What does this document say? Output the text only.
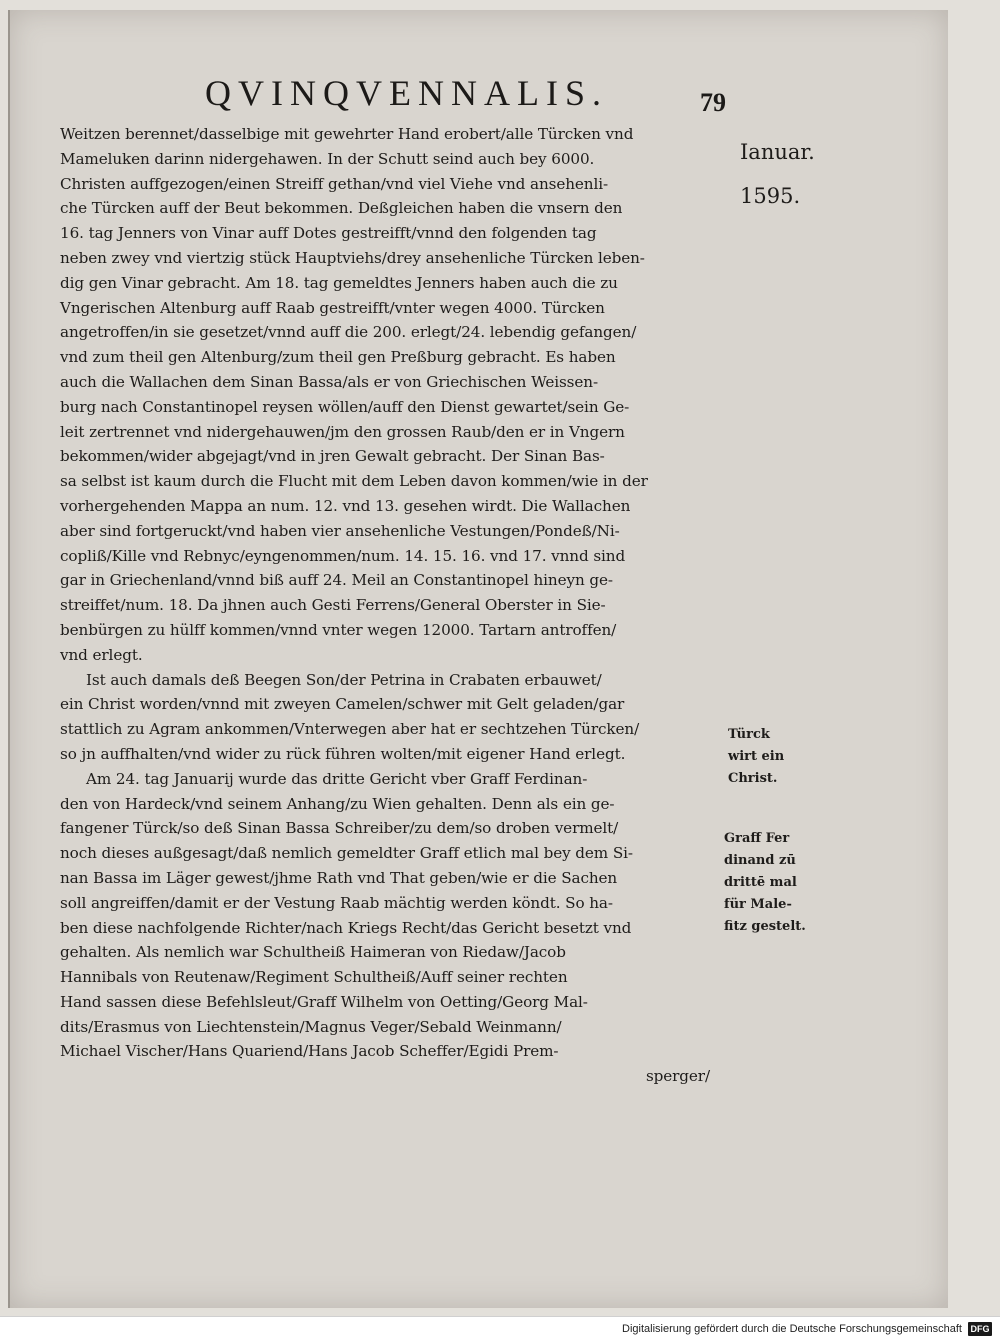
QVINQVENNALIS.	79
Weitzen berennet/dasselbige mit gewehrter Hand erobert/alle Türcken vnd
Mameluken darinn nidergehawen. In der Schutt seind auch bey 6000.
Christen auffgezogen/einen Streiff gethan/vnd viel Viehe vnd ansehenli-
che Türcken auff der Beut bekommen. Deßgleichen haben die vnsern den
16. tag Jenners von Vinar auff Dotes gestreifft/vnnd den folgenden tag
neben zwey vnd viertzig stück Hauptviehs/drey ansehenliche Türcken leben-
dig gen Vinar gebracht. Am 18. tag gemeldtes Jenners haben auch die zu
Vngerischen Altenburg auff Raab gestreifft/vnter wegen 4000. Türcken
angetroffen/in sie gesetzet/vnnd auff die 200. erlegt/24. lebendig gefangen/
vnd zum theil gen Altenburg/zum theil gen Preßburg gebracht. Es haben
auch die Wallachen dem Sinan Bassa/als er von Griechischen Weissen-
burg nach Constantinopel reysen wöllen/auff den Dienst gewartet/sein Ge-
leit zertrennet vnd nidergehauwen/jm den grossen Raub/den er in Vngern
bekommen/wider abgejagt/vnd in jren Gewalt gebracht. Der Sinan Bas-
sa selbst ist kaum durch die Flucht mit dem Leben davon kommen/wie in der
vorhergehenden Mappa an num. 12. vnd 13. gesehen wirdt. Die Wallachen
aber sind fortgeruckt/vnd haben vier ansehenliche Vestungen/Pondeß/Ni-
copliß/Kille vnd Rebnyc/eyngenommen/num. 14. 15. 16. vnd 17. vnnd sind
gar in Griechenland/vnnd biß auff 24. Meil an Constantinopel hineyn ge-
streiffet/num. 18. Da jhnen auch Gesti Ferrens/General Oberster in Sie-
benbürgen zu hülff kommen/vnnd vnter wegen 12000. Tartarn antroffen/
vnd erlegt.
Ist auch damals deß Beegen Son/der Petrina in Crabaten erbauwet/
ein Christ worden/vnnd mit zweyen Camelen/schwer mit Gelt geladen/gar
stattlich zu Agram ankommen/Vnterwegen aber hat er sechtzehen Türcken/
so jn auffhalten/vnd wider zu rück führen wolten/mit eigener Hand erlegt.
Am 24. tag Januarij wurde das dritte Gericht vber Graff Ferdinan-
den von Hardeck/vnd seinem Anhang/zu Wien gehalten. Denn als ein ge-
fangener Türck/so deß Sinan Bassa Schreiber/zu dem/so droben vermelt/
noch dieses außgesagt/daß nemlich gemeldter Graff etlich mal bey dem Si-
nan Bassa im Läger gewest/jhme Rath vnd That geben/wie er die Sachen
soll angreiffen/damit er der Vestung Raab mächtig werden köndt. So ha-
ben diese nachfolgende Richter/nach Kriegs Recht/das Gericht besetzt vnd
gehalten. Als nemlich war Schultheiß Haimeran von Riedaw/Jacob
Hannibals von Reutenaw/Regiment Schultheiß/Auff seiner rechten
Hand sassen diese Befehlsleut/Graff Wilhelm von Oetting/Georg Mal-
dits/Erasmus von Liechtenstein/Magnus Veger/Sebald Weinmann/
Michael Vischer/Hans Quariend/Hans Jacob Scheffer/Egidi Prem-
sperger/
Ianuar.
1595.
Türck
wirt ein
Christ.
Graff Fer
dinand zū
drittē mal
für Male-
fitz gestelt.
Digitalisierung gefördert durch die Deutsche Forschungsgemeinschaft DFG
